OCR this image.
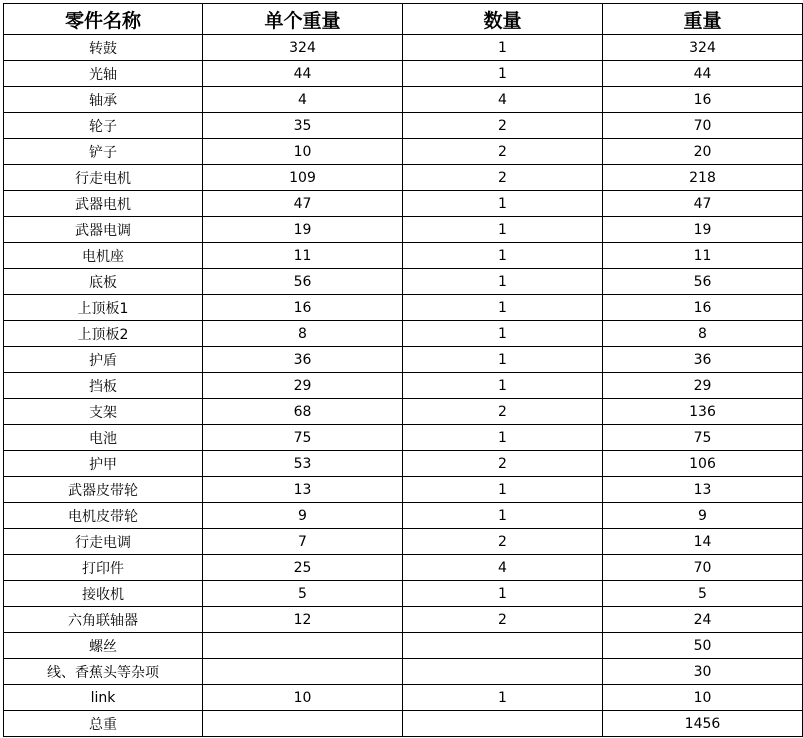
零件名称	单个重量	数量	重量
转鼓	324	1	324
光轴	44	1	44
轴承	4	4	16
轮子	35	2	70
铲子	10	2	20
行走电机	109	2	218
武器电机	47	1	47
武器电调	19	1	19
电机座	11	1	11
底板	56	1	56
上顶板1	16	1	16
上顶板2	8	1	8
护盾	36	1	36
挡板	29	1	29
支架	68	2	136
电池	75	1	75
护甲	53	2	106
武器皮带轮	13	1	13
电机皮带轮	9	1	9
行走电调	7	2	14
打印件	25	4	70
接收机	5	1	5
六角联轴器	12	2	24
螺丝			50
线、香蕉头等杂项			30
link	10	1	10
总重			1456
